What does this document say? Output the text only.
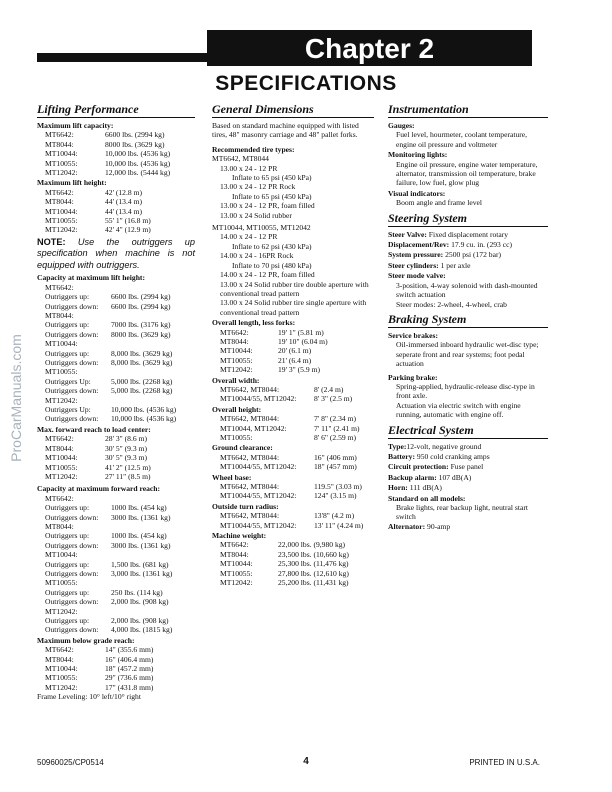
Chapter 2
SPECIFICATIONS
ProCarManuals.com
Lifting Performance
Maximum lift capacity:
MT6642:	6600 lbs. (2994 kg)
MT8044:	8000 lbs. (3629 kg)
MT10044:	10,000 lbs. (4536 kg)
MT10055:	10,000 lbs. (4536 kg)
MT12042:	12,000 lbs. (5444 kg)
Maximum lift height:
MT6642:	42' (12.8 m)
MT8044:	44' (13.4 m)
MT10044:	44' (13.4 m)
MT10055:	55' 1" (16.8 m)
MT12042:	42' 4" (12.9 m)
NOTE: Use the outriggers up specification when machine is not equipped with outriggers.
Capacity at maximum lift height:
MT6642:
Outriggers up:	6600 lbs. (2994 kg)
Outriggers down:	6600 lbs. (2994 kg)
MT8044:
Outriggers up:	7000 lbs. (3176 kg)
Outriggers down:	8000 lbs. (3629 kg)
MT10044:
Outriggers up:	8,000 lbs. (3629 kg)
Outriggers down:	8,000 lbs. (3629 kg)
MT10055:
Outriggers Up:	5,000 lbs. (2268 kg)
Outriggers down:	5,000 lbs. (2268 kg)
MT12042:
Outriggers Up:	10,000 lbs. (4536 kg)
Outriggers down:	10,000 lbs. (4536 kg)
Max. forward reach to load center:
MT6642:	28' 3" (8.6 m)
MT8044:	30' 5" (9.3 m)
MT10044:	30' 5" (9.3 m)
MT10055:	41' 2" (12.5 m)
MT12042:	27' 11" (8.5 m)
Capacity at maximum forward reach:
MT6642:
Outriggers up:	1000 lbs. (454 kg)
Outriggers down:	3000 lbs. (1361 kg)
MT8044:
Outriggers up:	1000 lbs. (454 kg)
Outriggers down:	3000 lbs. (1361 kg)
MT10044:
Outriggers up:	1,500 lbs. (681 kg)
Outriggers down:	3,000 lbs. (1361 kg)
MT10055:
Outriggers up:	250 lbs. (114 kg)
Outriggers down:	2,000 lbs. (908 kg)
MT12042:
Outriggers up:	2,000 lbs. (908 kg)
Outriggers down:	4,000 lbs. (1815 kg)
Maximum below grade reach:
MT6642:	14" (355.6 mm)
MT8044:	16" (406.4 mm)
MT10044:	18" (457.2 mm)
MT10055:	29" (736.6 mm)
MT12042:	17" (431.8 mm)
Frame Leveling: 10° left/10° right
General Dimensions
Based on standard machine equipped with listed tires, 48" masonry carriage and 48" pallet forks.
Recommended tire types:
MT6642, MT8044
13.00 x 24 - 12 PR
Inflate to 65 psi (450 kPa)
13.00 x 24 - 12 PR Rock
Inflate to 65 psi (450 kPa)
13.00 x 24 - 12 PR, foam filled
13.00 x 24 Solid rubber
MT10044, MT10055, MT12042
14.00 x 24 - 12 PR
Inflate to 62 psi (430 kPa)
14.00 x 24 - 16PR Rock
Inflate to 70 psi (480 kPa)
14.00 x 24 - 12 PR, foam filled
13.00 x 24 Solid rubber tire double aperture with conventional tread pattern
13.00 x 24 Solid rubber tire single aperture with conventional tread pattern
Overall length, less forks:
MT6642:	19' 1" (5.81 m)
MT8044:	19' 10" (6.04 m)
MT10044:	20' (6.1 m)
MT10055:	21' (6.4 m)
MT12042:	19' 3" (5.9 m)
Overall width:
MT6642, MT8044:	8' (2.4 m)
MT10044/55, MT12042:	8' 3" (2.5 m)
Overall height:
MT6642, MT8044:	7' 8" (2.34 m)
MT10044, MT12042:	7' 11" (2.41 m)
MT10055:	8' 6" (2.59 m)
Ground clearance:
MT6642, MT8044:	16" (406 mm)
MT10044/55, MT12042:	18" (457 mm)
Wheel base:
MT6642, MT8044:	119.5" (3.03 m)
MT10044/55, MT12042:	124" (3.15 m)
Outside turn radius:
MT6642, MT8044:	13'8" (4.2 m)
MT10044/55, MT12042:	13' 11" (4.24 m)
Machine weight:
MT6642:	22,000 lbs. (9,980 kg)
MT8044:	23,500 lbs. (10,660 kg)
MT10044:	25,300 lbs. (11,476 kg)
MT10055:	27,800 lbs. (12,610 kg)
MT12042:	25,200 lbs. (11,431 kg)
Instrumentation
Gauges:
Fuel level, hourmeter, coolant temperature, engine oil pressure and voltmeter
Monitoring lights:
Engine oil pressure, engine water temperature, alternator, transmission oil temperature, brake failure, low fuel, glow plug
Visual indicators:
Boom angle and frame level
Steering System
Steer Valve: Fixed displacement rotary
Displacement/Rev: 17.9 cu. in. (293 cc)
System pressure: 2500 psi (172 bar)
Steer cylinders: 1 per axle
Steer mode valve:
3-position, 4-way solenoid with dash-mounted switch actuation
Steer modes: 2-wheel, 4-wheel, crab
Braking System
Service brakes:
Oil-immersed inboard hydraulic wet-disc type; seperate front and rear systems; foot pedal actuation
Parking brake:
Spring-applied, hydraulic-release disc-type in front axle.
Actuation via electric switch with engine running, automatic with engine off.
Electrical System
Type:12-volt, negative ground
Battery: 950 cold cranking amps
Circuit protection: Fuse panel
Backup alarm: 107 dB(A)
Horn: 111 dB(A)
Standard on all models:
Brake lights, rear backup light, neutral start switch
Alternator: 90-amp
50960025/CP0514	4	PRINTED IN U.S.A.
